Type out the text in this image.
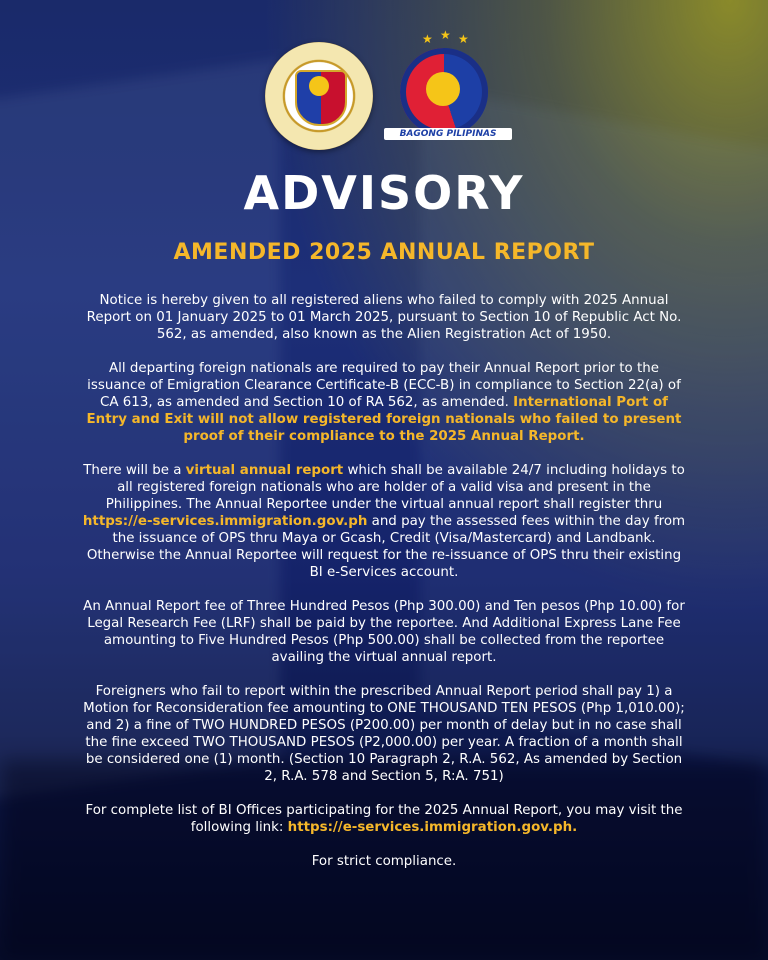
★ ★ ★
BAGONG PILIPINAS
ADVISORY
AMENDED 2025 ANNUAL REPORT

Notice is hereby given to all registered aliens who failed to comply with 2025 Annual Report on 01 January 2025 to 01 March 2025, pursuant to Section 10 of Republic Act No. 562, as amended, also known as the Alien Registration Act of 1950.

All departing foreign nationals are required to pay their Annual Report prior to the issuance of Emigration Clearance Certificate-B (ECC-B) in compliance to Section 22(a) of CA 613, as amended and Section 10 of RA 562, as amended. International Port of Entry and Exit will not allow registered foreign nationals who failed to present proof of their compliance to the 2025 Annual Report.

There will be a virtual annual report which shall be available 24/7 including holidays to all registered foreign nationals who are holder of a valid visa and present in the Philippines. The Annual Reportee under the virtual annual report shall register thru https://e-services.immigration.gov.ph and pay the assessed fees within the day from the issuance of OPS thru Maya or Gcash, Credit (Visa/Mastercard) and Landbank. Otherwise the Annual Reportee will request for the re-issuance of OPS thru their existing BI e-Services account.

An Annual Report fee of Three Hundred Pesos (Php 300.00) and Ten pesos (Php 10.00) for Legal Research Fee (LRF) shall be paid by the reportee. And Additional Express Lane Fee amounting to Five Hundred Pesos (Php 500.00) shall be collected from the reportee availing the virtual annual report.

Foreigners who fail to report within the prescribed Annual Report period shall pay 1) a Motion for Reconsideration fee amounting to ONE THOUSAND TEN PESOS (Php 1,010.00); and 2) a fine of TWO HUNDRED PESOS (P200.00) per month of delay but in no case shall the fine exceed TWO THOUSAND PESOS (P2,000.00) per year. A fraction of a month shall be considered one (1) month. (Section 10 Paragraph 2, R.A. 562, As amended by Section 2, R.A. 578 and Section 5, R:A. 751)

For complete list of BI Offices participating for the 2025 Annual Report, you may visit the following link: https://e-services.immigration.gov.ph.

For strict compliance.
